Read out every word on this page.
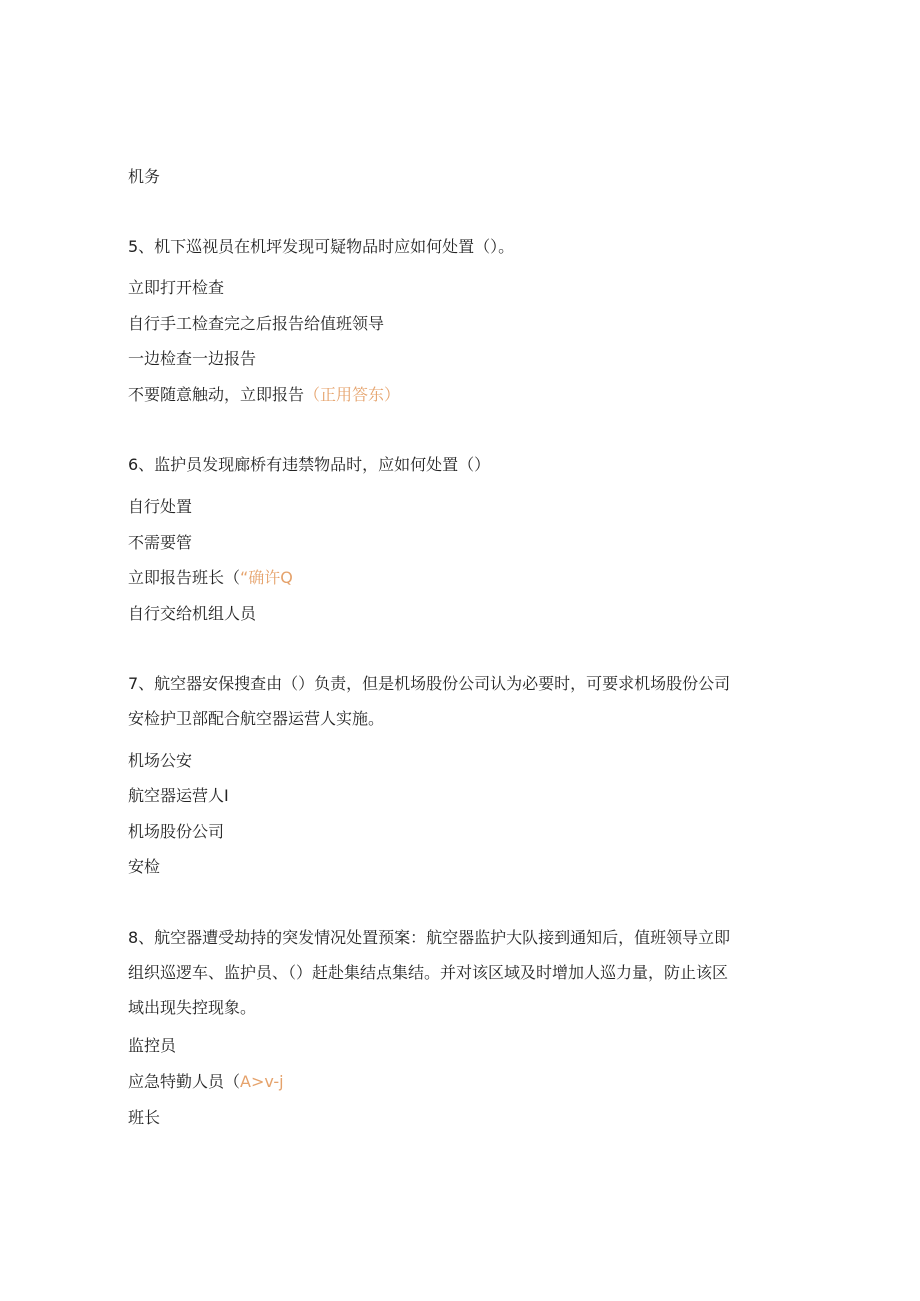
机务
5、机下巡视员在机坪发现可疑物品时应如何处置（）。
立即打开检查
自行手工检查完之后报告给值班领导
一边检查一边报告
不要随意触动，立即报告（正用答东）
6、监护员发现廊桥有违禁物品时，应如何处置（）
自行处置
不需要管
立即报告班长（“确许Q
自行交给机组人员
7、航空器安保搜查由（）负责，但是机场股份公司认为必要时，可要求机场股份公司
安检护卫部配合航空器运营人实施。
机场公安
航空器运营人I
机场股份公司
安检
8、航空器遭受劫持的突发情况处置预案：航空器监护大队接到通知后，值班领导立即
组织巡逻车、监护员、（）赶赴集结点集结。并对该区域及时增加人巡力量，防止该区
域出现失控现象。
监控员
应急特勤人员（A>v-j
班长
